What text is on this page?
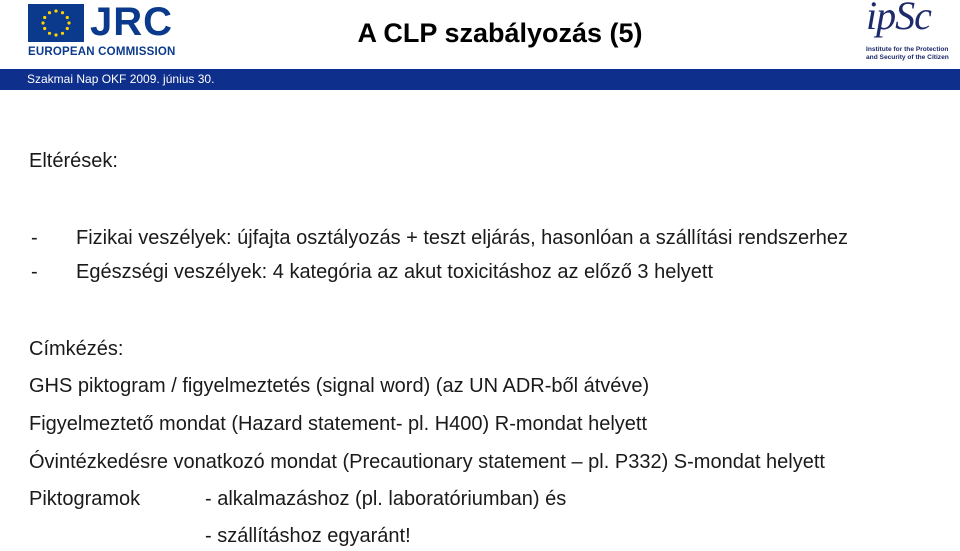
JRC
EUROPEAN COMMISSION
A CLP szabályozás (5)	ipSc
Institute for the Protection and Security of the Citizen
Szakmai Nap OKF 2009. június 30.
Eltérések:
- Fizikai veszélyek: újfajta osztályozás + teszt eljárás, hasonlóan a szállítási rendszerhez
- Egészségi veszélyek: 4 kategória az akut toxicitáshoz az előző 3 helyett
Címkézés:
GHS piktogram / figyelmeztetés (signal word) (az UN ADR-ből átvéve)
Figyelmeztető mondat (Hazard statement- pl. H400) R-mondat helyett
Óvintézkedésre vonatkozó mondat (Precautionary statement – pl. P332) S-mondat helyett
Piktogramok	- alkalmazáshoz (pl. laboratóriumban) és
- szállításhoz egyaránt!
